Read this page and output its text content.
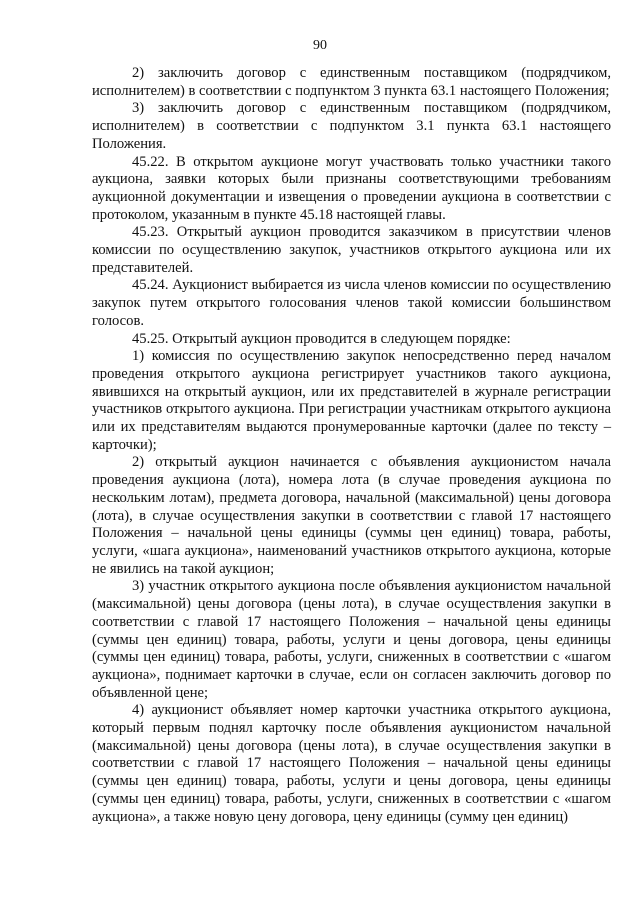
90

2) заключить договор с единственным поставщиком (подрядчиком, исполнителем) в соответствии с подпунктом 3 пункта 63.1 настоящего Положения;

3) заключить договор с единственным поставщиком (подрядчиком, исполнителем) в соответствии с подпунктом 3.1 пункта 63.1 настоящего Положения.

45.22. В открытом аукционе могут участвовать только участники такого аукциона, заявки которых были признаны соответствующими требованиям аукционной документации и извещения о проведении аукциона в соответствии с протоколом, указанным в пункте 45.18 настоящей главы.

45.23. Открытый аукцион проводится заказчиком в присутствии членов комиссии по осуществлению закупок, участников открытого аукциона или их представителей.

45.24. Аукционист выбирается из числа членов комиссии по осуществлению закупок путем открытого голосования членов такой комиссии большинством голосов.

45.25. Открытый аукцион проводится в следующем порядке:

1) комиссия по осуществлению закупок непосредственно перед началом проведения открытого аукциона регистрирует участников такого аукциона, явившихся на открытый аукцион, или их представителей в журнале регистрации участников открытого аукциона. При регистрации участникам открытого аукциона или их представителям выдаются пронумерованные карточки (далее по тексту – карточки);

2) открытый аукцион начинается с объявления аукционистом начала проведения аукциона (лота), номера лота (в случае проведения аукциона по нескольким лотам), предмета договора, начальной (максимальной) цены договора (лота), в случае осуществления закупки в соответствии с главой 17 настоящего Положения – начальной цены единицы (суммы цен единиц) товара, работы, услуги, «шага аукциона», наименований участников открытого аукциона, которые не явились на такой аукцион;

3) участник открытого аукциона после объявления аукционистом начальной (максимальной) цены договора (цены лота), в случае осуществления закупки в соответствии с главой 17 настоящего Положения – начальной цены единицы (суммы цен единиц) товара, работы, услуги и цены договора, цены единицы (суммы цен единиц) товара, работы, услуги, сниженных в соответствии с «шагом аукциона», поднимает карточки в случае, если он согласен заключить договор по объявленной цене;

4) аукционист объявляет номер карточки участника открытого аукциона, который первым поднял карточку после объявления аукционистом начальной (максимальной) цены договора (цены лота), в случае осуществления закупки в соответствии с главой 17 настоящего Положения – начальной цены единицы (суммы цен единиц) товара, работы, услуги и цены договора, цены единицы (суммы цен единиц) товара, работы, услуги, сниженных в соответствии с «шагом аукциона», а также новую цену договора, цену единицы (сумму цен единиц)
